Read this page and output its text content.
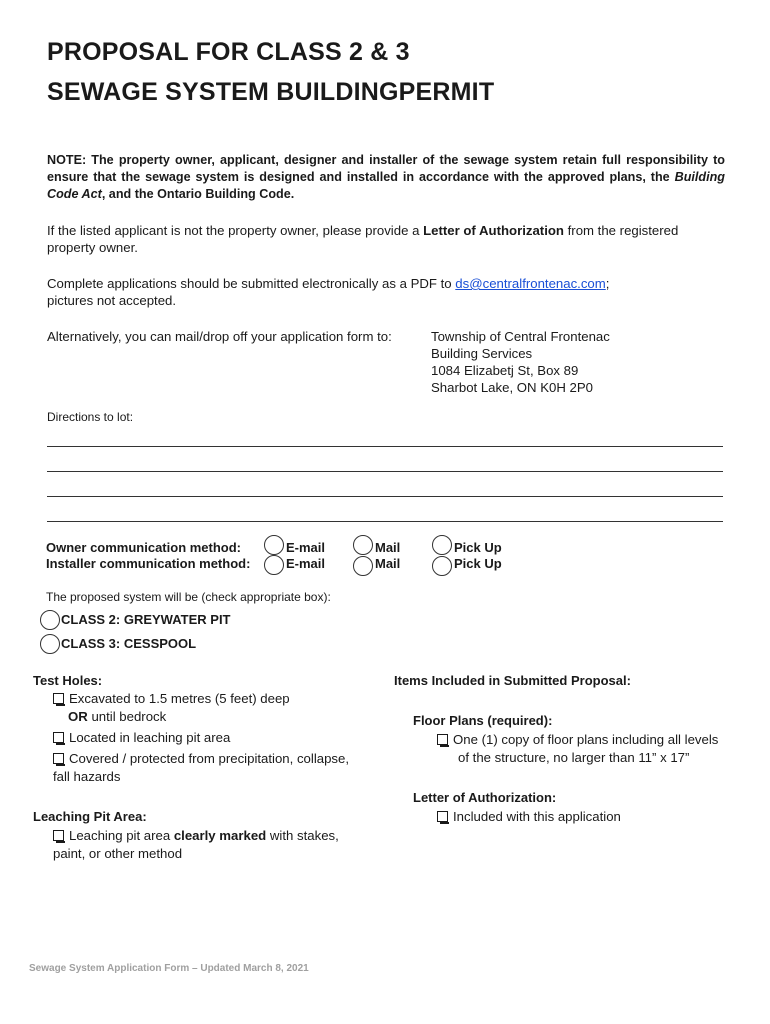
PROPOSAL FOR CLASS 2 & 3
SEWAGE SYSTEM BUILDINGPERMIT
NOTE: The property owner, applicant, designer and installer of the sewage system retain full responsibility to ensure that the sewage system is designed and installed in accordance with the approved plans, the Building Code Act, and the Ontario Building Code.
If the listed applicant is not the property owner, please provide a Letter of Authorization from the registered property owner.
Complete applications should be submitted electronically as a PDF to ds@centralfrontenac.com; pictures not accepted.
Alternatively, you can mail/drop off your application form to:	Township of Central Frontenac
Building Services
1084 Elizabetj St, Box 89
Sharbot Lake, ON K0H 2P0
Directions to lot:
Owner communication method:
Installer communication method:
E-mail
E-mail
Mail
Mail
Pick Up
Pick Up
The proposed system will be (check appropriate box):
CLASS 2: GREYWATER PIT
CLASS 3: CESSPOOL
Test Holes:
Excavated to 1.5 metres (5 feet) deep
OR until bedrock
Located in leaching pit area
Covered / protected from precipitation, collapse,
fall hazards
Leaching Pit Area:
Leaching pit area clearly marked with stakes,
paint, or other method
Items Included in Submitted Proposal:
Floor Plans (required):
One (1) copy of floor plans including all levels
of the structure, no larger than 11” x 17”
Letter of Authorization:
Included with this application
Sewage System Application Form – Updated March 8, 2021
